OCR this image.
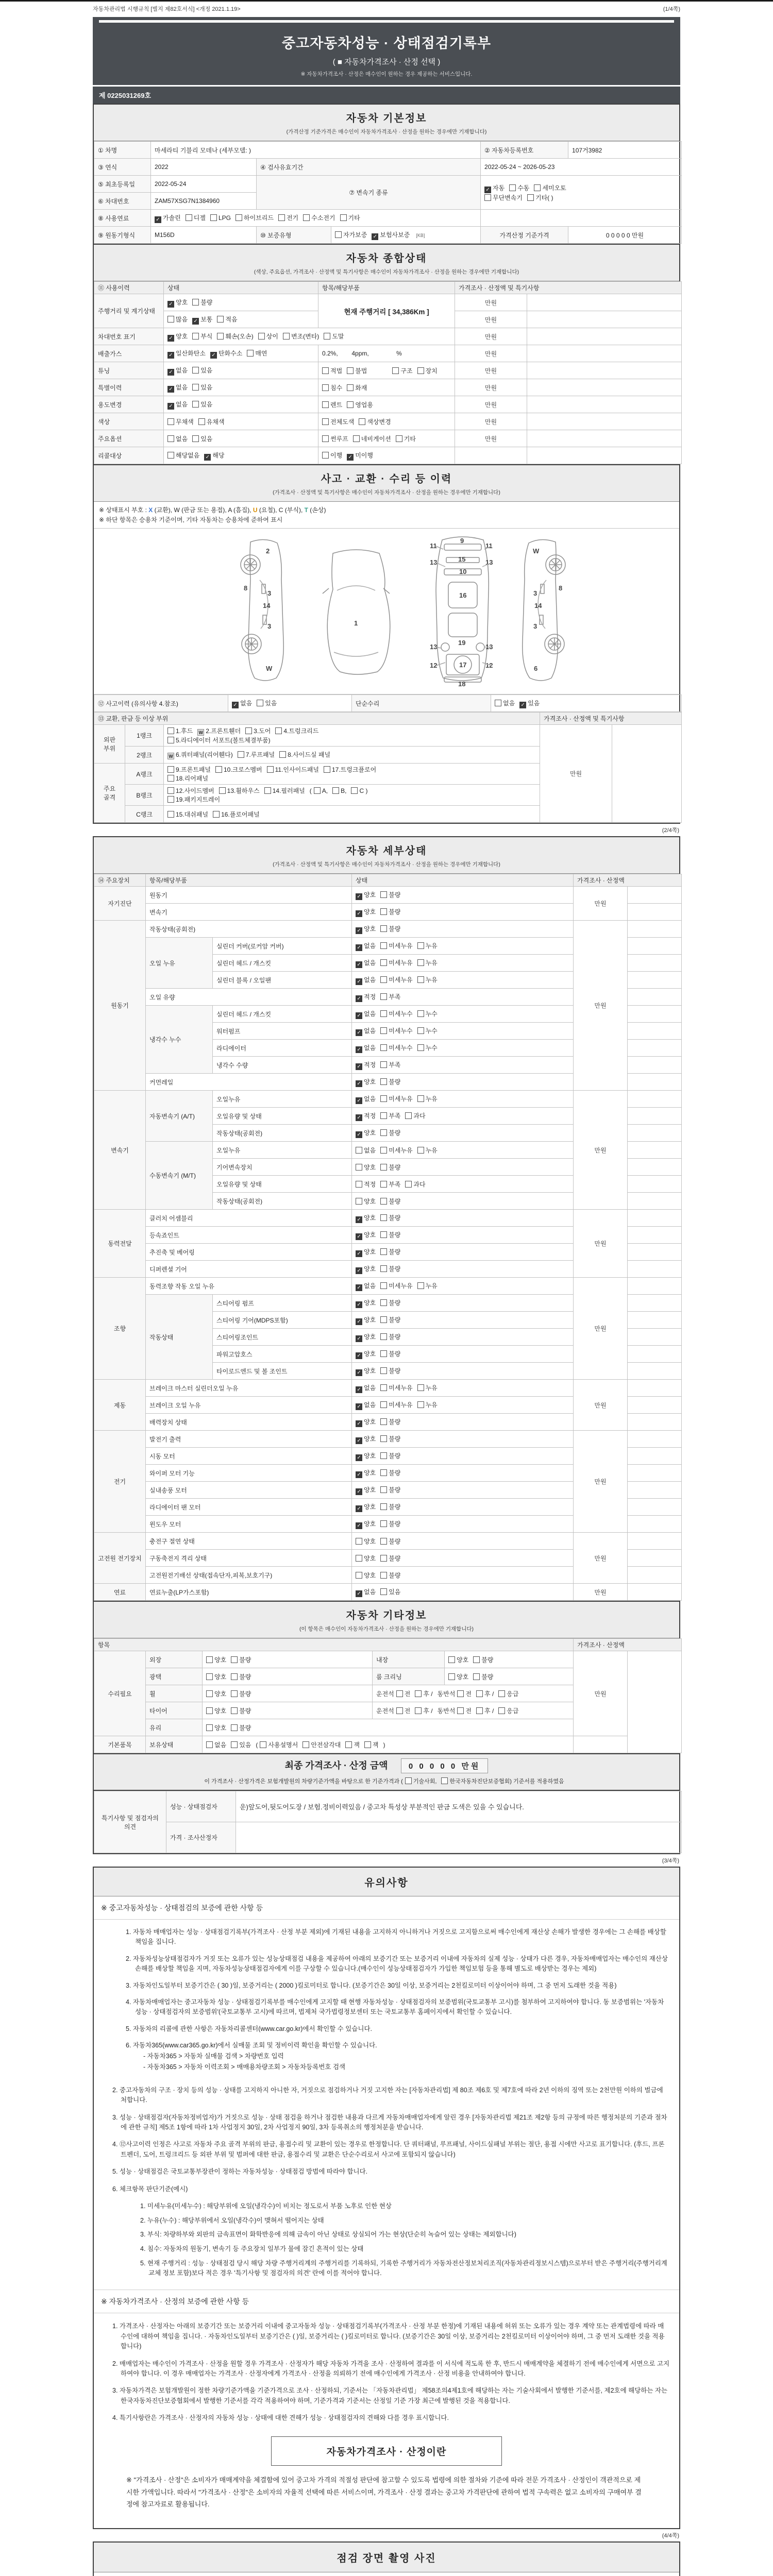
자동차관리법 시행규칙 [별지 제82호서식] <개정 2021.1.19>	(1/4쪽)
중고자동차성능 · 상태점검기록부
( ■ 자동차가격조사 · 산정 선택 )
※ 자동차가격조사 · 산정은 매수인이 원하는 경우 제공하는 서비스입니다.
제 0225031269호
자동차 기본정보
(가격산정 기준가격은 매수인이 자동차가격조사 · 산정을 원하는 경우에만 기재합니다)
① 차명	마세라티 기블리 모데나 (세부모델: )			② 자동차등록번호	107거3982
③ 연식	2022	④ 검사유효기간		2022-05-24 ~ 2026-05-23	
⑤ 최초등록일	2022-05-24	⑦ 변속기 종류		✓ 자동 수동 세미오토
무단변속기 기타( )	

⑥ 차대번호	ZAM57XSG7N1384960				
⑧ 사용연료	✓ 가솔린 디젤 LPG 하이브리드 전기 수소전기 기타				
⑨ 원동기형식	M156D	⑩ 보증유형	자가보증 ✓ 보험사보증 [KB]	가격산정 기준가격	0 0 0 0 0 만원
자동차 종합상태
(색상, 주요옵션, 가격조사 · 산정액 및 특기사항은 매수인이 자동차가격조사 · 산정을 원하는 경우에만 기재합니다)
⑪ 사용이력	상태	항목/해당부품	가격조사 · 산정액 및 특기사항	
주행거리 및 계기상태	✓ 양호 불량	현재 주행거리 [ 34,386Km ]	만원	
	많음 ✓ 보통 적음		만원	
차대번호 표기	✓ 양호 부식 훼손(오손) 상이 변조(변타) 도말		만원	
배출가스	✓ 일산화탄소 ✓ 탄화수소 매연	0.2%,        4ppm,                %	만원	
튜닝	✓ 없음 있음	적법 불법 구조 장치	만원	
특별이력	✓ 없음 있음	침수 화재	만원	
용도변경	✓ 없음 있음	렌트 영업용	만원	
색상	무채색 유채색	전체도색 색상변경	만원	
주요옵션	없음 있음	썬루프 네비게이션 기타	만원	
리콜대상	해당없음 ✓ 해당	이행 ✓ 미이행		
사고 · 교환 · 수리 등 이력
(가격조사 · 산정액 및 특기사항은 매수인이 자동차가격조사 · 산정을 원하는 경우에만 기재합니다)
※ 상태표시 부호 : X (교환), W (판금 또는 용접), A (흠집), U (요철), C (부식), T (손상)
※ 하단 항목은 승용차 기준이며, 기타 자동차는 승용차에 준하여 표시
2
8
3
14
3
W
1
11
9
11
13	13
10
15
16
13
19
13
12	17	12
18
W
8
3
14
3
6
⑫ 사고이력 (유의사항 4.참조)	✓ 없음 있음	단순수리	없음 ✓ 있음
⑬ 교환, 판금 등 이상 부위			가격조사 · 산정액 및 특기사항	
외판 부위	1랭크	1.후드 W 2.프론트휀더 3.도어 4.트렁크리드
5.라디에이터 서포트(볼트체결부품)	만원	
	2랭크	W 6.쿼터패널(리어휀다) 7.루프패널 8.사이드실 패널		
주요 골격	A랭크	9.프론트패널 10.크로스멤버 11.인사이드패널 17.트렁크플로어
18.리어패널		

	B랭크	12.사이드멤버 13.휠하우스 14.필러패널 ( A, B, C )
19.패키지트레이		

	C랭크	15.대쉬패널 16.플로어패널		
(2/4쪽)
자동차 세부상태
(가격조사 · 산정액 및 특기사항은 매수인이 자동차가격조사 · 산정을 원하는 경우에만 기재합니다)
⑭ 주요장치	항목/해당부품		상태	가격조사 · 산정액	
자기진단	원동기		✓ 양호 불량	만원	
	변속기		✓ 양호 불량		
원동기	작동상태(공회전)		✓ 양호 불량	만원	
	오일 누유	실린더 커버(로커암 커버)	✓ 없음 미세누유 누유		
		실린더 헤드 / 개스킷	✓ 없음 미세누유 누유		
		실린더 블록 / 오일팬	✓ 없음 미세누유 누유		
	오일 유량		✓ 적정 부족		
	냉각수 누수	실린더 헤드 / 개스킷	✓ 없음 미세누수 누수		
		워터펌프	✓ 없음 미세누수 누수		
		라디에이터	✓ 없음 미세누수 누수		
		냉각수 수량	✓ 적정 부족		
	커먼레일		✓ 양호 불량		
변속기	자동변속기 (A/T)	오일누유	✓ 없음 미세누유 누유	만원	
		오일유량 및 상태	✓ 적정 부족 과다		
		작동상태(공회전)	✓ 양호 불량		
	수동변속기 (M/T)	오일누유	없음 미세누유 누유		
		기어변속장치	양호 불량		
		오일유량 및 상태	적정 부족 과다		
		작동상태(공회전)	양호 불량		
동력전달	클러치 어셈블리		✓ 양호 불량	만원	
	등속죠인트		✓ 양호 불량		
	추진축 및 베어링		✓ 양호 불량		
	디퍼렌셜 기어		✓ 양호 불량		
조향	동력조향 작동 오일 누유		✓ 없음 미세누유 누유	만원	
	작동상태	스티어링 펌프	✓ 양호 불량		
		스티어링 기어(MDPS포함)	✓ 양호 불량		
		스티어링조인트	✓ 양호 불량		
		파워고압호스	✓ 양호 불량		
		타이로드엔드 및 볼 조인트	✓ 양호 불량		
제동	브레이크 마스터 실린더오일 누유		✓ 없음 미세누유 누유	만원	
	브레이크 오일 누유		✓ 없음 미세누유 누유		
	배력장치 상태		✓ 양호 불량		
전기	발전기 출력		✓ 양호 불량	만원	
	시동 모터		✓ 양호 불량		
	와이퍼 모터 기능		✓ 양호 불량		
	실내송풍 모터		✓ 양호 불량		
	라디에이터 팬 모터		✓ 양호 불량		
	윈도우 모터		✓ 양호 불량		
고전원 전기장치	충전구 절연 상태		양호 불량	만원	
	구동축전지 격리 상태		양호 불량		
	고전원전기배선 상태(접속단자,피복,보호기구)		양호 불량		
연료	연료누출(LP가스포함)		✓ 없음 있음	만원	
자동차 기타정보
(이 항목은 매수인이 자동차가격조사 · 산정을 원하는 경우에만 기재합니다)
항목					가격조사 · 산정액	
수리필요	외장	양호 불량	내장	양호 불량	만원	
	광택	양호 불량	룸 크리닝	양호 불량		
	휠	양호 불량	운전석 전 후 / 동반석 전 후 / 응급			
	타이어	양호 불량	운전석 전 후 / 동반석 전 후 / 응급			
	유리	양호 불량				
기본품목	보유상태	없음 있음 ( 사용설명서 안전삼각대 잭 잭 )				
최종 가격조사 · 산정 금액	0 0 0 0 0 만원
이 가격조사 · 산정가격은 보험개발원의 차량기준가액을 바탕으로 한 기준가격과 ( 기술사회, 한국자동차진단보증협회) 기준서를 적용하였음
특기사항 및 점검자의 의견	성능 · 상태점검자	운)앞도어,뒷도어도장 / 보험.정비이력있음 / 중고차 특성상 부분적인 판금 도색은 있을 수 있습니다.
	가격 · 조사산정자	
(3/4쪽)
유의사항
※ 중고자동차성능 · 상태점검의 보증에 관한 사항 등

1. 자동차 매매업자는 성능 · 상태점검기록부(가격조사 · 산정 부분 제외)에 기재된 내용을 고지하지 아니하거나 거짓으로 고지함으로써 매수인에게 재산상 손해가 발생한 경우에는 그 손해를 배상할 책임을 집니다.

2. 자동차성능상태점검자가 거짓 또는 오류가 있는 성능상태점검 내용을 제공하여 아래의 보증기간 또는 보증거리 이내에 자동차의 실제 성능 · 상태가 다른 경우, 자동차매매업자는 매수인의 재산상 손해를 배상할 책임을 지며, 자동차성능상태점검자에게 이를 구상할 수 있습니다.(매수인이 성능상태점검자가 가입한 책임보험 등을 통해 별도로 배상받는 경우는 제외)

3. 자동차인도일부터 보증기간은 ( 30 )일, 보증거리는 ( 2000 )킬로미터로 합니다. (보증기간은 30일 이상, 보증거리는 2천킬로미터 이상이어야 하며, 그 중 먼저 도래한 것을 적용)

4. 자동차매매업자는 중고자동차 성능 · 상태점검기록부를 매수인에게 고지할 때 현행 자동차성능 · 상태점검자의 보증범위(국토교통부 고시)를 첨부하여 고지하여야 합니다. 동 보증범위는 '자동차성능 · 상태점검자의 보증범위'(국토교통부 고시)에 따르며, 법제처 국가법령정보센터 또는 국토교통부 홈페이지에서 확인할 수 있습니다.

5. 자동차의 리콜에 관한 사항은 자동차리콜센터(www.car.go.kr)에서 확인할 수 있습니다.

6. 자동차365(www.car365.go.kr)에서 실매물 조회 및 정비이력 확인을 확인할 수 있습니다.

- 자동차365 > 자동차 실매물 검색 > 차량번호 입력
- 자동차365 > 자동차 이력조회 > 매매용차량조회 > 자동차등록번호 검색

2. 중고자동차의 구조 · 장치 등의 성능 · 상태를 고지하지 아니한 자, 거짓으로 점검하거나 거짓 고지한 자는 [자동차관리법] 제 80조 제6호 및 제7호에 따라 2년 이하의 징역 또는 2천만원 이하의 벌금에 처합니다.

3. 성능 · 상태점검자(자동차정비업자)가 거짓으로 성능 · 상태 점검을 하거나 점검한 내용과 다르게 자동차매매업자에게 알린 경우 [자동차관리법 제21조 제2항 등의 규정에 따른 행정처분의 기준과 절차에 관한 규칙] 제5조 1항에 따라 1차 사업정지 30일, 2차 사업정지 90일, 3차 등록취소의 행정처분을 받습니다.

4. ⑫사고이력 인정은 사고로 자동차 주요 골격 부위의 판금, 용접수리 및 교환이 있는 경우로 한정합니다. 단 쿼터패널, 루프패널, 사이드실패널 부위는 절단, 용접 시에만 사고로 표기합니다. (후드, 프론트펜더, 도어, 트렁크리드 등 외판 부위 및 범퍼에 대한 판금, 용접수리 및 교환은 단순수리로서 사고에 포함되지 않습니다)

5. 성능 · 상태점검은 국토교통부장관이 정하는 자동차성능 · 상태점검 방법에 따라야 합니다.

6. 체크항목 판단기준(예시)

1. 미세누유(미세누수) : 해당부위에 오일(냉각수)이 비치는 정도로서 부품 노후로 인한 현상

2. 누유(누수) : 해당부위에서 오일(냉각수)이 맺혀서 떨어지는 상태

3. 부식: 차량하부와 외판의 금속표면이 화학반응에 의해 금속이 아닌 상태로 상실되어 가는 현상(단순히 녹슬어 있는 상태는 제외합니다)

4. 침수: 자동차의 원동기, 변속기 등 주요장치 일부가 물에 잠긴 흔적이 있는 상태

5. 현재 주행거리 : 성능 · 상태점검 당시 해당 차량 주행거리계의 주행거리를 기록하되, 기록한 주행거리가 자동차전산정보처리조직(자동차관리정보시스템)으로부터 받은 주행거리(주행거리계 교체 정보 포함)보다 적은 경우 '특기사항 및 점검자의 의견' 란에 이를 적어야 합니다.

※ 자동차가격조사 · 산정의 보증에 관한 사항 등

1. 가격조사 · 산정자는 아래의 보증기간 또는 보증거리 이내에 중고자동차 성능 · 상태점검기록부(가격조사 · 산정 부분 한정)에 기재된 내용에 허위 또는 오류가 있는 경우 계약 또는 관계법령에 따라 매수인에 대하여 책임을 집니다. · 자동차인도일부터 보증기간은 ( )일, 보증거리는 ( )킬로미터로 합니다. (보증기간은 30일 이상, 보증거리는 2천킬로미터 이상이어야 하며, 그 중 먼저 도래한 것을 적용합니다)

2. 매매업자는 매수인이 가격조사 · 산정을 원할 경우 가격조사 · 산정자가 해당 자동차 가격을 조사 · 산정하여 결과를 이 서식에 적도록 한 후, 반드시 매매계약을 체결하기 전에 매수인에게 서면으로 고지하여야 합니다. 이 경우 매매업자는 가격조사 · 산정자에게 가격조사 · 산정을 의뢰하기 전에 매수인에게 가격조사 · 산정 비용을 안내하여야 합니다.

3. 자동차가격은 보험개발원이 정한 차량기준가액을 기준가격으로 조사 · 산정하되, 기준서는 「자동차관리법」 제58조의4제1호에 해당하는 자는 기술사회에서 발행한 기준서를, 제2호에 해당하는 자는 한국자동차진단보증협회에서 발행한 기준서를 각각 적용하여야 하며, 기준가격과 기준서는 산정일 기준 가장 최근에 발행된 것을 적용합니다.

4. 특기사항란은 가격조사 · 산정자의 자동차 성능 · 상태에 대한 견해가 성능 · 상태점검자의 견해와 다를 경우 표시합니다.

자동차가격조사 · 산정이란
※ "가격조사 · 산정"은 소비자가 매매계약을 체결함에 있어 중고차 가격의 적절성 판단에 참고할 수 있도록 법령에 의한 절차와 기준에 따라 전문 가격조사 · 산정인이 객관적으로 제시한 가액입니다. 따라서 "가격조사 · 산정"은 소비자의 자율적 선택에 따른 서비스이며, 가격조사 · 산정 결과는 중고차 가격판단에 관하여 법적 구속력은 없고 소비자의 구매여부 결정에 참고자료로 활용됩니다.
(4/4쪽)
점검 장면 촬영 사진
